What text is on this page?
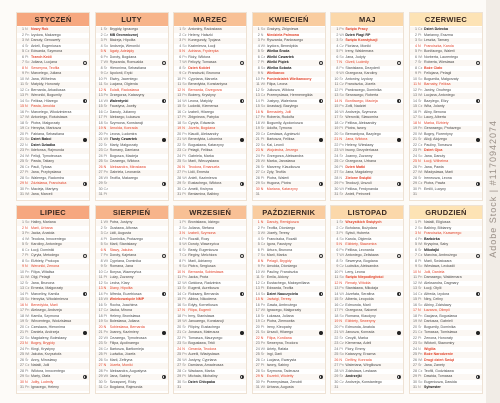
STYCZEŃ
1 N Nowy Rok
2 Pn Izydora, Makarego
3 Wt Danuty, Genowefy
4 Śr Anieli, Eugeniusza
5 Cz Edwarda, Szymona
6 Pt Trzech Króli
7 So Juliana, Lucjana
8 N Seweryna, Teofila
9 Pn Marcelego, Juliana
10 Wt Jana, Wilhelma
11 Śr Matyldy, Honoraty
12 Cz Bernarda, Arkadiusza
13 Pt Weroniki, Bogumiły
14 So Feliksa, Hilarego
15 N Pawła, Arnolda
16 Pn Marcelego, Włodzimierza
17 Wt Antoniego, Rościsława
18 Śr Piotra, Małgorzaty
19 Cz Henryka, Mariusza
20 Pt Fabiana, Sebastiana
21 So Dzień Babci
22 N Dzień Dziadka
23 Pn Ildefonsa, Rajmunda
24 Wt Felicji, Tymoteusza
25 Śr Pawła, Tatiany
26 Cz Pauli, Tytusa
27 Pt Jana, Przybysława
28 So Walerego, Radomira
29 N Zdzisława, Franciszka
30 Pn Macieja, Martyny
31 Wt Jana, Marceli
LUTY
1 Śr Brygidy, Ignacego
2 Cz MB Gromnicznej
3 Pt Błażeja, Hipolita
4 So Andrzeja, Weroniki
5 N Agaty, Adelajdy
6 Pn Doroty, Bogdana
7 Wt Ryszarda, Romualda
8 Śr Hieronima, Sebastiana
9 Cz Apolonii, Eryki
10 Pt Elwiry, Jacentego
11 So Lucjana, Olgierda
12 N Eulalii, Radosława
13 Pn Grzegorza, Katarzyny
14 Wt Walentynki
15 Śr Faustyna, Jowity
16 Cz Danuty, Julianny
17 Pt Aleksego, Łukasza
18 So Szymona, Konstancji
19 N Arnolda, Konrada
20 Pn Leona, Ludomira
21 Wt Tłusty Czwartek
22 Śr Marty, Małgorzaty
23 Cz Romany, Damiana
24 Pt Bogusza, Macieja
25 So Cezarego, Wiktora
26 N Aleksandra, Mirosława
27 Pn Gabriela, Leonarda
28 Wt Teofila, Makarego
29 Śr
30 Cz
31 Pt
MARZEC
1 Śr Antoniny, Radosława
2 Cz Heleny, Halszki
3 Pt Kunegundy, Tycjana
4 So Kazimierza, Łucji
5 N Adriana, Fryderyka
6 Pn Róży, Wiktora
7 Wt Felicyty, Tomasza
8 Śr Dzień Kobiet
9 Cz Franciszki, Brunona
10 Pt Cypriana, Marcela
11 So Benedykta, Konstantyna
12 N Bernarda, Grzegorza
13 Pn Bożeny, Krystyny
14 Wt Leona, Matyldy
15 Śr Ludwiki, Klemensa
16 Cz Izabeli, Hilarego
17 Pt Zbigniewa, Patryka
18 So Cyryla, Edwarda
19 N Józefa, Bogdana
20 Pn Klaudii, Aleksandry
21 Wt Benedykta, Lubomira
22 Śr Bogusława, Katarzyny
23 Cz Pelagii, Feliksa
24 Pt Gabriela, Marka
25 So Marii, Wieczysława
26 N Teodora, Emanuela
27 Pn Lidii, Ernesta
28 Wt Anieli, Kazimierza
29 Śr Eustachego, Wiktora
30 Cz Amelii, Kwiryna
31 Pt Beniamina, Balbiny
KWIECIEŃ
1 So Grażyny, Zbigniewa
2 N Niedziela Palmowa
3 Pn Ryszarda, Pankracego
4 Wt Izydora, Benedykta
5 Śr Wielka Środa
6 Cz Wielki Czwartek
7 Pt Wielki Piątek
8 So Wielka Sobota
9 N Wielkanoc
10 Pn Poniedziałek Wielkanocny
11 Wt Filipa, Leona
12 Śr Juliusza, Wiktora
13 Cz Przemysława, Hermenegilda
14 Pt Justyny, Waleriana
15 So Anastazji, Bazylego
16 N Bernadety, Julii
17 Pn Roberta, Rudolfa
18 Wt Bogumiły, Apoloniusza
19 Śr Adolfa, Tymona
20 Cz Czesława, Agnieszki
21 Pt Bartosza, Feliksa
22 So Kai, Leonii
23 N Wojciecha, Jerzego
24 Pn Grzegorza, Aleksandra
25 Wt Marka, Jarosława
26 Śr Marzeny, Klaudiusza
27 Cz Zyty, Teofila
28 Pt Piotra, Walerii
29 So Hugona, Piotra
30 N Mariana, Katarzyny
31
MAJ
1 Pn Święto Pracy
2 Wt Dzień Flagi RP
3 Śr Święto Konstytucji
4 Cz Floriana, Moniki
5 Pt Ireny, Waldemara
6 So Jana, Judyty
7 N Gizeli, Ludmiły
8 Pn Stanisława, Dezyderii
9 Wt Grzegorza, Karoliny
10 Śr Antoniny, Izydory
11 Cz Franciszka, Józefa
12 Pt Pankracego, Dominika
13 So Serwacego, Roberta
14 N Bonifacego, Macieja
15 Pn Zofii, Nadziei
16 Wt Andrzeja, Szymona
17 Śr Weroniki, Sławomira
18 Cz Feliksa, Aleksandry
19 Pt Piotra, Iwony
20 So Bernardyna, Bazylego
21 N Jana, Wiktora
22 Pn Heleny, Wiesławy
23 Wt Iwony, Dezyderiusza
24 Śr Joanny, Zuzanny
25 Cz Grzegorza, Urbana
26 Pt Dzień Matki
27 So Jana, Magdaleny
28 N Zielone Świątki
29 Pn Teodozji, Urszuli
30 Wt Feliksa, Ferdynanda
31 Śr Anieli, Petroneli
CZERWIEC
1 Cz Dzień Dziecka
2 Pt Marianny, Erazma
3 So Leszka, Tamary
4 N Franciszka, Karola
5 Pn Bonifacego, Walerii
6 Wt Norberta, Laurentego
7 Śr Roberta, Wiesława
8 Cz Boże Ciało
9 Pt Felicjana, Pelagii
10 So Bogumiła, Małgorzaty
11 N Barnaby, Feliksa
12 Pn Janiny, Onufrego
13 Wt Lucjana, Antoniego
14 Śr Bazylego, Elizy
15 Cz Wita, Jolanty
16 Pt Aliny, Benona
17 So Laury, Alberta
18 N Marka, Elżbiety
19 Pn Gerwazego, Protazego
20 Wt Bogny, Florentyny
21 Śr Alicji, Alojzego
22 Cz Pauliny, Tomasza
23 Pt Dzień Ojca
24 So Jana, Danuty
25 N Łucji, Wilhelma
26 Pn Jana, Pawła
27 Wt Władysława, Marii
28 Śr Ireneusza, Leona
29 Cz Piotra, Pawła
30 Pt Emilii, Lucyny
31
LIPIEC
1 So Haliny, Mariana
2 N Marii, Urbana
3 Pn Jacka, Anatola
4 Wt Teodora, Innocentego
5 Śr Karoliny, Antoniego
6 Cz Łucji, Dominiki
7 Pt Cyryla, Metodego
8 So Elżbiety, Prokopa
9 N Weroniki, Zenona
10 Pn Filipa, Witalisa
11 Wt Olgi, Pelagii
12 Śr Jana, Brunona
13 Cz Ernesta, Małgorzaty
14 Pt Marceliny, Kamila
15 So Henryka, Włodzimierza
16 N Benedykta, Marii
17 Pn Aleksego, Andrzeja
18 Wt Kamila, Szymona
19 Śr Wincentego, Wodzisława
20 Cz Czesława, Hieronima
21 Pt Daniela, Andrzeja
22 So Magdaleny, Bolesławy
23 N Bogny, Brygidy
24 Pn Kingi, Krystyny
25 Wt Jakuba, Krzysztofa
26 Śr Anny, Mirosławy
27 Cz Natalii, Julii
28 Pt Wiktora, Innocentego
29 So Marty, Olafa
30 N Julity, Ludmiły
31 Pn Ignacego, Heleny
SIERPIEŃ
1 Wt Potra, Justyny
2 Śr Gustawa, Alfonsa
3 Cz Lidii, Augusta
4 Pt Dominika, Protazego
5 So Marii, Stanisławy
6 N Sławy, Jakuba
7 Pn Doroty, Kajetana
8 Wt Cypriana, Dominika
9 Śr Romana, Jana
10 Cz Borysa, Wawrzyńca
11 Pt Luizy, Zuzanny
12 So Lecha, Klary
13 N Diany, Hipolita
14 Pn Alfreda, Euzebiusza
15 Wt Wniebowzięcie NMP
16 Śr Rocha, Joachima
17 Cz Jacka, Mirona
18 Pt Heleny, Bronisława
19 So Bolesława, Juliana
20 N Sobiesława, Bernarda
21 Pn Joanny, Kazimiery
22 Wt Cezarego, Tymoteusza
23 Śr Filipa, Apolinarego
24 Cz Bartosza, Bartłomieja
25 Pt Ludwika, Józefa
26 So Marii, Zefiryna
27 N Józefa, Moniki
28 Pn Aleksandra, Augustyna
29 Wt Jana, Sabiny
30 Śr Szczęsnej, Róży
31 Cz Bogdana, Rajmunda
WRZESIEŃ
1 Pt Bronisława, Idziego
2 So Juliana, Stefana
3 N Izabeli, Szymona
4 Pn Rozalii, Rozy
5 Wt Doroty, Wawrzyńca
6 Śr Beaty, Eugeniusza
7 Cz Reginy, Melchiora
8 Pt Marii, Adrianny
9 So Piotra, Sergiusza
10 N Bernarda, Sobiesława
11 Pn Jacka, Prota
12 Wt Gwidona, Radzimira
13 Śr Eugenii, Aureliusza
14 Cz Roksany, Bernarda
15 Pt Albina, Nikodema
16 So Edyty, Korneliusza
17 N Filipa, Eugenii
18 Pn Irmy, Stanisława
19 Wt Januarego, Konstancji
20 Śr Filipiny, Eustachego
21 Cz Jonasza, Mateusza
22 Pt Tomasza, Maurycego
23 So Bogusława, Tekli
24 N Gerarda, Teodora
25 Pn Aurelii, Władysława
26 Wt Justyny, Cypriana
27 Śr Damiana, Amadeusza
28 Cz Wacława, Marka
29 Pt Michała, Michaliny
30 So Dzień Chłopaka
31
PAŹDZIERNIK
1 N Danuty, Remigiusza
2 Pn Teofila, Dionizego
3 Wt Józefy, Teresy
4 Śr Franciszka, Rozalii
5 Cz Igora, Faustyny
6 Pt Artura, Brunona
7 So Marii, Marka
8 N Pelagii, Brygidy
9 Pn Arnolda, Dionizego
10 Wt Pauliny, Franciszka
11 Śr Emila, Aldony
12 Cz Eustachego, Maksymiliana
13 Pt Edwarda, Teofila
14 So Dzień Nauczyciela
15 N Jadwigi, Teresy
16 Pn Gawła, Ambrożego
17 Wt Ignacego, Małgorzaty
18 Śr Łukasza, Juliana
19 Cz Piotra, Ziemowita
20 Pt Ireny, Kleopatry
21 So Urszuli, Hilarego
22 N Filipa, Kordiana
23 Pn Seweryna, Teodora
24 Wt Arlety, Rafała
25 Śr Ingi, Darii
26 Cz Lucjana, Ewarysta
27 Pt Iwony, Sabiny
28 So Szymona, Tadeusza
29 N Euzebii, Wioletty
30 Pn Przemysława, Zenobii
31 Wt Urbana, Augusta
LISTOPAD
1 Śr Wszystkich Świętych
2 Cz Bohdana, Bożydara
3 Pt Sylwii, Huberta
4 So Karola, Olgierda
5 N Elżbiety, Sławomira
6 Pn Feliksa, Leonarda
7 Wt Antoniego, Żelisława
8 Śr Seweryna, Bogdana
9 Cz Ludwika, Aleksandra
10 Pt Leny, Leona
11 So Święto Niepodległości
12 N Renaty, Witolda
13 Pn Stanisława, Mikołaja
14 Wt Józefata, Serafina
15 Śr Alberta, Leopolda
16 Cz Edmunda, Marii
17 Pt Grzegorza, Salomei
18 So Romana, Klaudyny
19 N Elżbiety, Seweryny
20 Pn Edmunda, Anatola
21 Wt Janusza, Konrada
22 Śr Cecylii, Marka
23 Cz Klemensa, Adeli
24 Pt Flory, Emmy
25 So Katarzyny, Erazma
26 N Delfiny, Konrada
27 Pn Waleriana, Wirgiliusza
28 Wt Zdzisława, Lesława
29 Śr Andrzejki
30 Cz Andrzeja, Konstantego
31
GRUDZIEŃ
1 Pt Natalii, Eligiusza
2 So Balbiny, Bibianny
3 N Franciszka, Ksawerego
4 Pn Barbórka
5 Wt Kryspina, Saby
6 Śr Mikołajki
7 Cz Marcina, Ambrożego
8 Pt Marii, Światozara
9 So Wiesława, Leokadii
10 N Julii, Daniela
11 Pn Damazego, Waldemara
12 Wt Aleksandra, Dagmary
13 Śr Łucji, Otylii
14 Cz Alfreda, Izydora
15 Pt Niny, Celiny
16 So Albiny, Zdzisławy
17 N Łazarza, Olimpii
18 Pn Gacjana, Bogusława
19 Wt Dariusza, Gabrieli
20 Śr Bogumiły, Dominika
21 Cz Tomasza, Tomisława
22 Pt Zenona, Honoraty
23 So Wiktorii, Sławomiry
24 N Wigilia
25 Pn Boże Narodzenie
26 Wt Drugi dzień Świąt
27 Śr Jana, Żanety
28 Cz Teofili, Godzisława
29 Pt Dawida, Tomasza
30 So Eugeniusza, Dawida
31 N Sylwester
Adobe Stock | #1170942074
